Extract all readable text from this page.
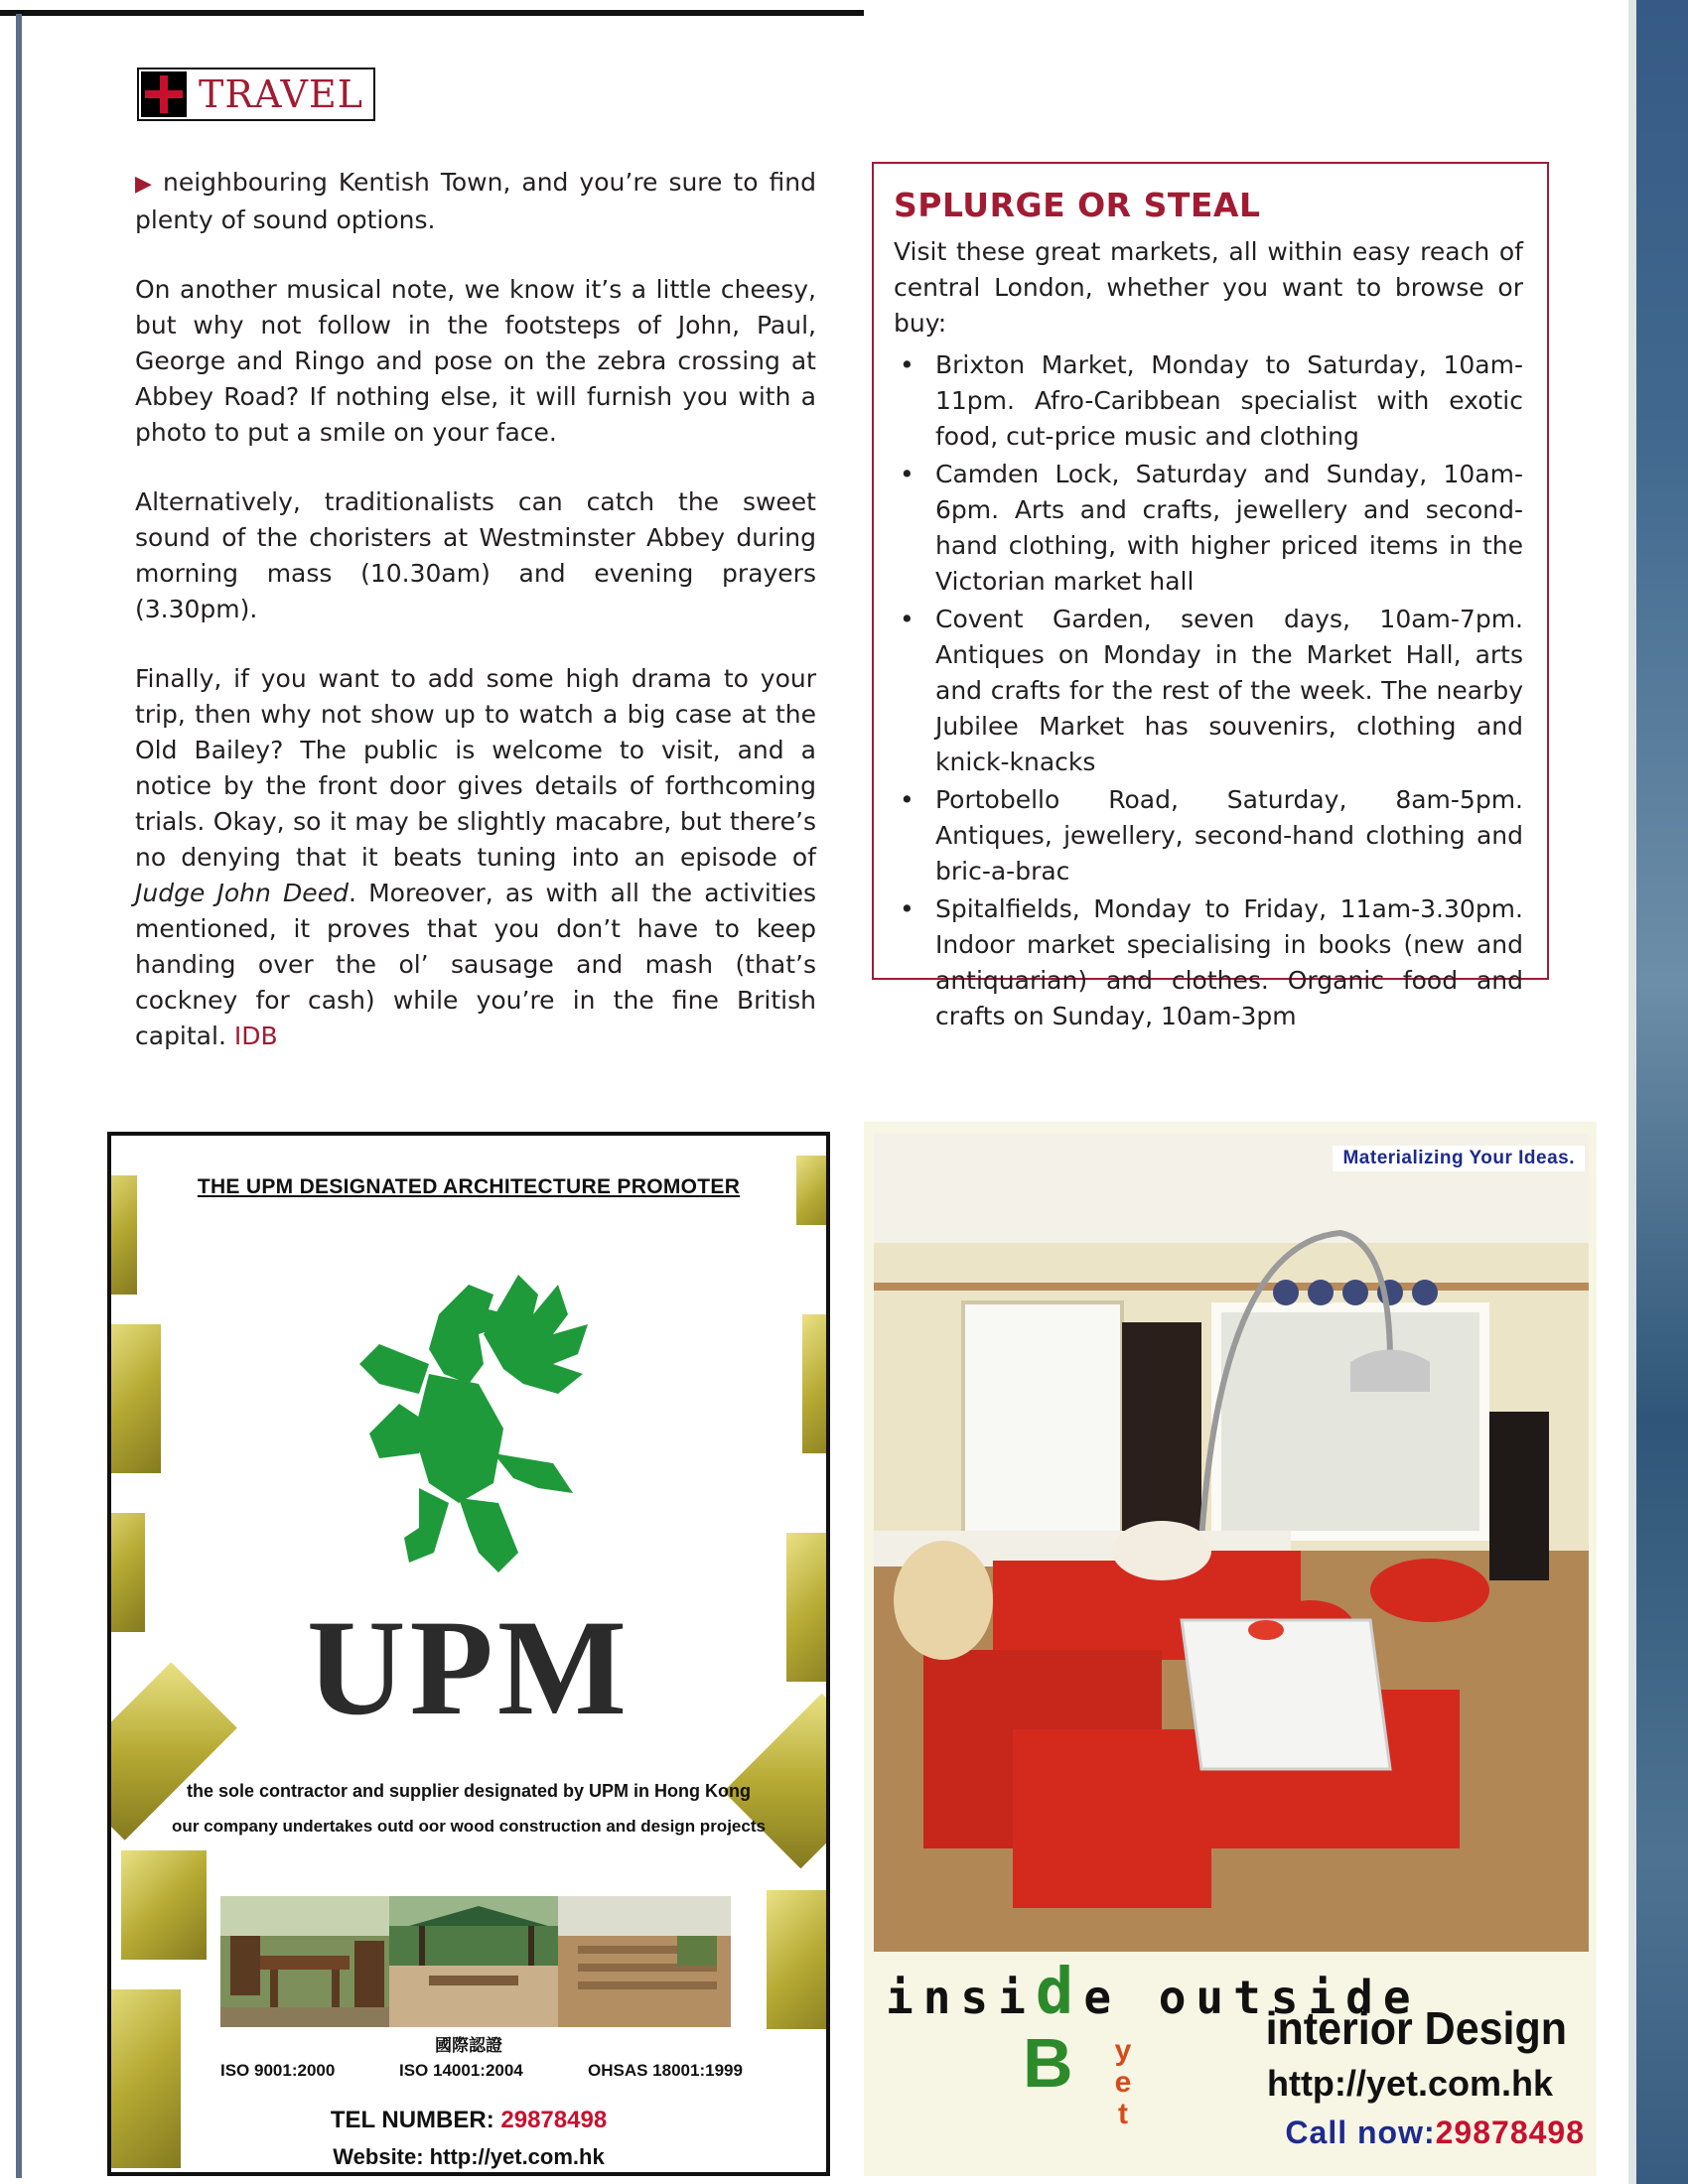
TRAVEL

▶ neighbouring Kentish Town, and you’re sure to find plenty of sound options.

On another musical note, we know it’s a little cheesy, but why not follow in the footsteps of John, Paul, George and Ringo and pose on the zebra crossing at Abbey Road? If nothing else, it will furnish you with a photo to put a smile on your face.

Alternatively, traditionalists can catch the sweet sound of the choristers at Westminster Abbey during morning mass (10.30am) and evening prayers (3.30pm).

Finally, if you want to add some high drama to your trip, then why not show up to watch a big case at the Old Bailey? The public is welcome to visit, and a notice by the front door gives details of forthcoming trials. Okay, so it may be slightly macabre, but there’s no denying that it beats tuning into an episode of Judge John Deed. Moreover, as with all the activities mentioned, it proves that you don’t have to keep handing over the ol’ sausage and mash (that’s cockney for cash) while you’re in the fine British capital. IDB

SPLURGE OR STEAL

Visit these great markets, all within easy reach of central London, whether you want to browse or buy:

• Brixton Market, Monday to Saturday, 10am-11pm. Afro-Caribbean specialist with exotic food, cut-price music and clothing
• Camden Lock, Saturday and Sunday, 10am-6pm. Arts and crafts, jewellery and second-hand clothing, with higher priced items in the Victorian market hall
• Covent Garden, seven days, 10am-7pm. Antiques on Monday in the Market Hall, arts and crafts for the rest of the week. The nearby Jubilee Market has souvenirs, clothing and knick-knacks
• Portobello Road, Saturday, 8am-5pm. Antiques, jewellery, second-hand clothing and bric-a-brac
• Spitalfields, Monday to Friday, 11am-3.30pm. Indoor market specialising in books (new and antiquarian) and clothes. Organic food and crafts on Sunday, 10am-3pm
THE UPM DESIGNATED ARCHITECTURE PROMOTER
UPM
the sole contractor and supplier designated by UPM in Hong Kong
our company undertakes outd oor wood construction and design projects
國際認證
ISO 9001:2000	ISO 14001:2004	OHSAS 18001:1999
TEL NUMBER: 29878498
Website: http://yet.com.hk
Materializing Your Ideas.
inside outside
B y
e
t
interior Design
http://yet.com.hk
Call now:29878498
